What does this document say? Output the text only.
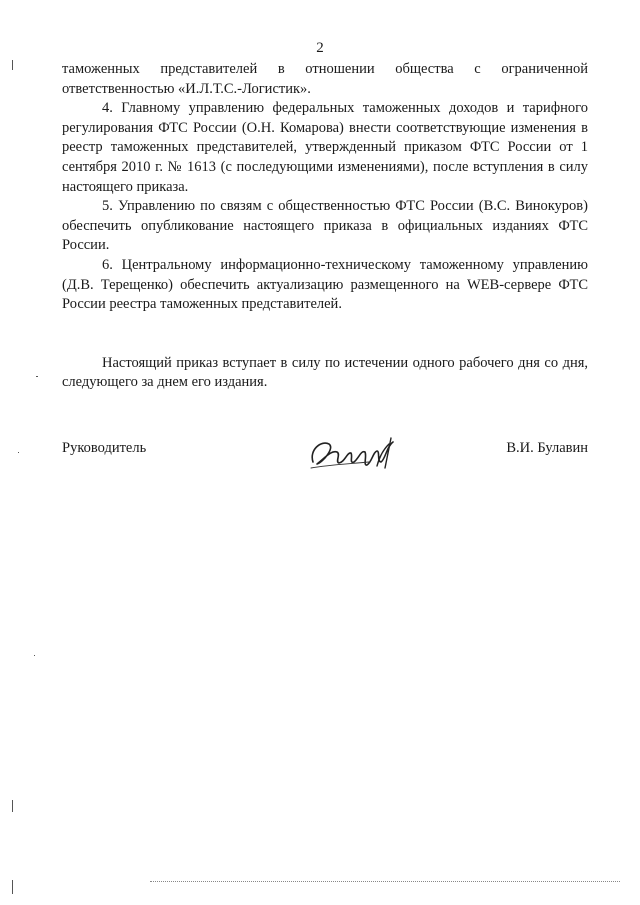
2

таможенных представителей в отношении общества с ограниченной ответственностью «И.Л.Т.С.-Логистик».

4. Главному управлению федеральных таможенных доходов и тарифного регулирования ФТС России (О.Н. Комарова) внести соответствующие изменения в реестр таможенных представителей, утвержденный приказом ФТС России от 1 сентября 2010 г. № 1613 (с последующими изменениями), после вступления в силу настоящего приказа.

5. Управлению по связям с общественностью ФТС России (В.С. Винокуров) обеспечить опубликование настоящего приказа в официальных изданиях ФТС России.

6. Центральному информационно-техническому таможенному управлению (Д.В. Терещенко) обеспечить актуализацию размещенного на WEB-сервере ФТС России реестра таможенных представителей.

Настоящий приказ вступает в силу по истечении одного рабочего дня со дня, следующего за днем его издания.

Руководитель	В.И. Булавин
